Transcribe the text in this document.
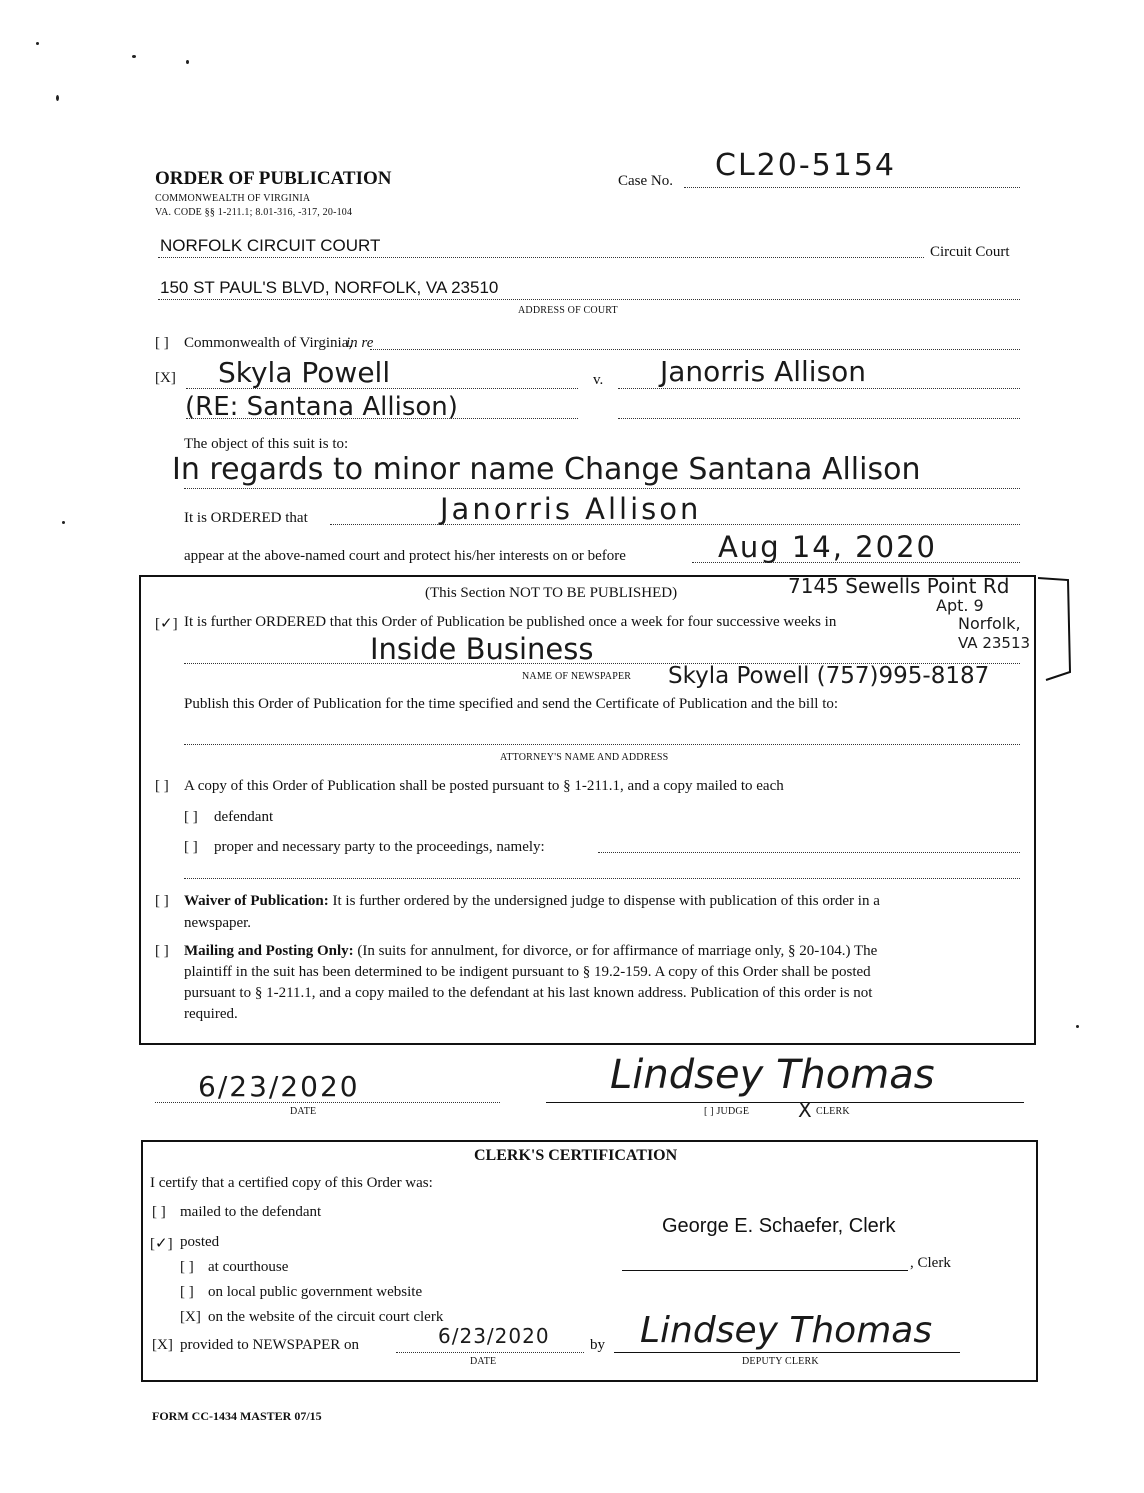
ORDER OF PUBLICATION
COMMONWEALTH OF VIRGINIA
VA. CODE §§ 1-211.1; 8.01-316, -317, 20-104
Case No. CL20-5154
NORFOLK CIRCUIT COURT	Circuit Court
150 ST PAUL'S BLVD, NORFOLK, VA 23510
ADDRESS OF COURT
[ ] Commonwealth of Virginia,
in re
[X] Skyla Powell	v. Janorris Allison
(RE: Santana Allison)
The object of this suit is to:
In regards to minor name Change Santana Allison
It is ORDERED that	Janorris Allison
appear at the above-named court and protect his/her interests on or before	Aug 14, 2020
(This Section NOT TO BE PUBLISHED)	7145 Sewells Point Rd
Apt. 9
Norfolk,
VA 23513
[✓] It is further ORDERED that this Order of Publication be published once a week for four successive weeks in
Inside Business
NAME OF NEWSPAPER Skyla Powell (757)995-8187
Publish this Order of Publication for the time specified and send the Certificate of Publication and the bill to:
ATTORNEY'S NAME AND ADDRESS
[ ] A copy of this Order of Publication shall be posted pursuant to § 1-211.1, and a copy mailed to each
[ ] defendant
[ ] proper and necessary party to the proceedings, namely:
[ ] Waiver of Publication: It is further ordered by the undersigned judge to dispense with publication of this order in a
newspaper.
[ ] Mailing and Posting Only: (In suits for annulment, for divorce, or for affirmance of marriage only, § 20-104.) The
plaintiff in the suit has been determined to be indigent pursuant to § 19.2-159. A copy of this Order shall be posted
pursuant to § 1-211.1, and a copy mailed to the defendant at his last known address. Publication of this order is not
required.
6/23/2020
DATE
Lindsey Thomas
[ ] JUDGE X CLERK
CLERK'S CERTIFICATION
I certify that a certified copy of this Order was:
[ ] mailed to the defendant
[✓] posted
[ ] at courthouse
[ ] on local public government website
[X] on the website of the circuit court clerk
[X] provided to NEWSPAPER on	6/23/2020
DATE
by Lindsey Thomas
DEPUTY CLERK
George E. Schaefer, Clerk
, Clerk
FORM CC-1434 MASTER 07/15
